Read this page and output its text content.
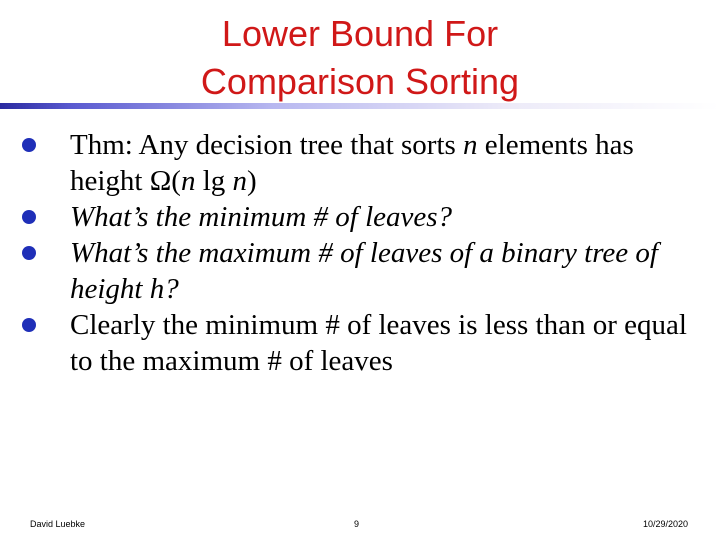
Lower Bound For
Comparison Sorting
Thm: Any decision tree that sorts n elements has height Ω(n lg n)
What’s the minimum # of leaves?
What’s the maximum # of leaves of a binary tree of height h?
Clearly the minimum # of leaves is less than or equal to the maximum # of leaves
David Luebke	9	10/29/2020
